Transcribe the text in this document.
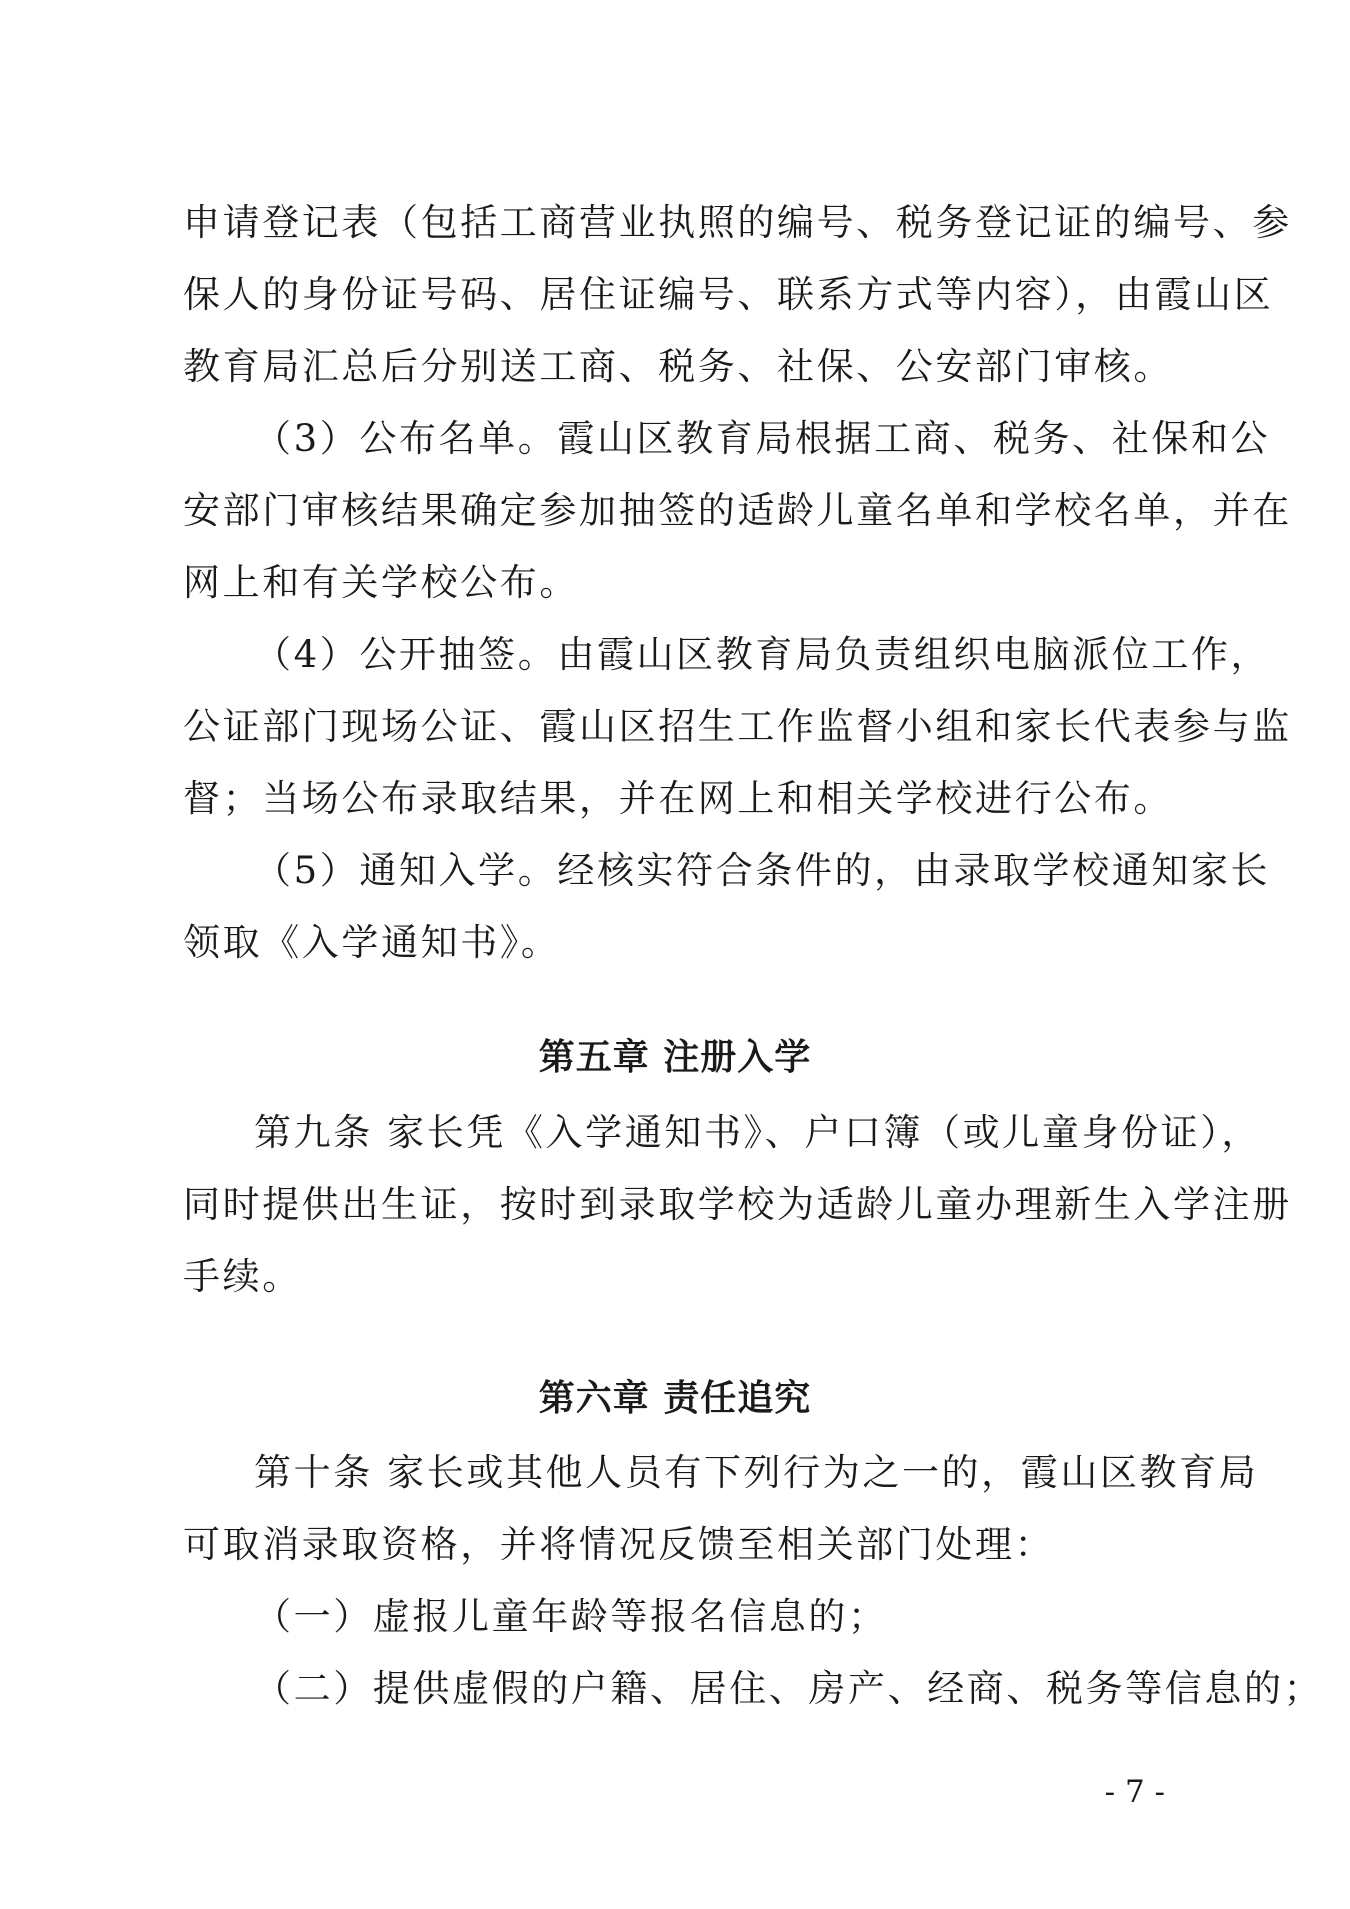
申请登记表（包括工商营业执照的编号、税务登记证的编号、参
保人的身份证号码、居住证编号、联系方式等内容），由霞山区
教育局汇总后分别送工商、税务、社保、公安部门审核。
（3）公布名单。霞山区教育局根据工商、税务、社保和公
安部门审核结果确定参加抽签的适龄儿童名单和学校名单，并在
网上和有关学校公布。
（4）公开抽签。由霞山区教育局负责组织电脑派位工作，
公证部门现场公证、霞山区招生工作监督小组和家长代表参与监
督；当场公布录取结果，并在网上和相关学校进行公布。
（5）通知入学。经核实符合条件的，由录取学校通知家长
领取《入学通知书》。
第五章 注册入学
第九条 家长凭《入学通知书》、户口簿（或儿童身份证），
同时提供出生证，按时到录取学校为适龄儿童办理新生入学注册
手续。
第六章 责任追究
第十条 家长或其他人员有下列行为之一的，霞山区教育局
可取消录取资格，并将情况反馈至相关部门处理：
（一）虚报儿童年龄等报名信息的；
（二）提供虚假的户籍、居住、房产、经商、税务等信息的；
- 7 -
